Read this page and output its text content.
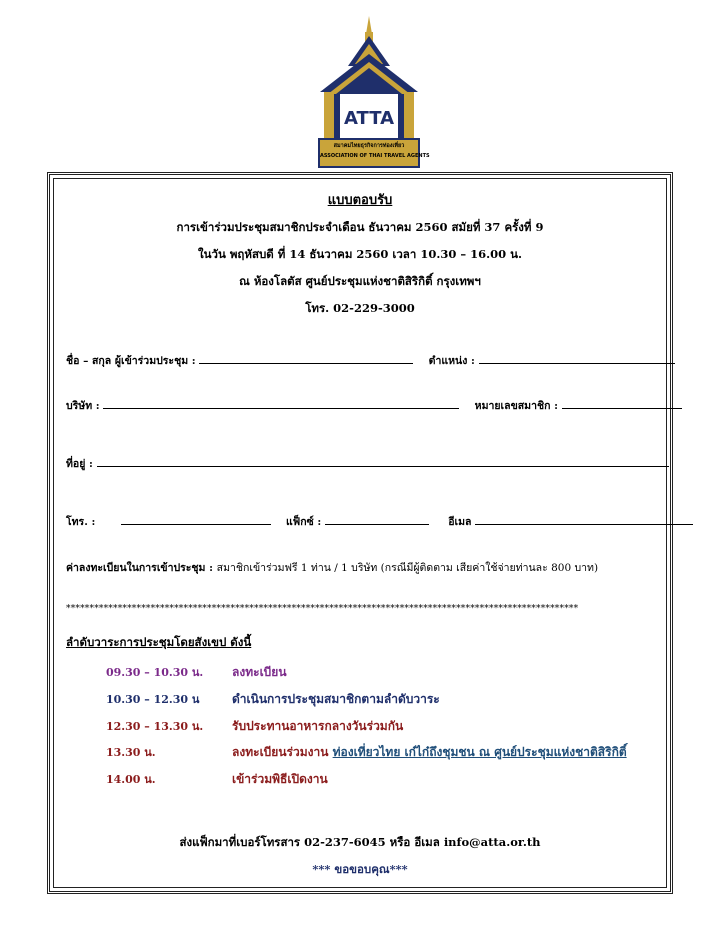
ATTA
สมาคมไทยธุรกิจการท่องเที่ยว
ASSOCIATION OF THAI TRAVEL AGENTS
แบบตอบรับ
การเข้าร่วมประชุมสมาชิกประจำเดือน ธันวาคม 2560 สมัยที่ 37 ครั้งที่ 9
ในวัน พฤหัสบดี ที่ 14 ธันวาคม 2560 เวลา 10.30 – 16.00 น.
ณ ห้องโลตัส ศูนย์ประชุมแห่งชาติสิริกิติ์ กรุงเทพฯ
โทร. 02-229-3000
ชื่อ – สกุล ผู้เข้าร่วมประชุม :	ตำแหน่ง :
บริษัท :	หมายเลขสมาชิก :
ที่อยู่ :
โทร. :	แฟ็กซ์ :	อีเมล
ค่าลงทะเบียนในการเข้าประชุม : สมาชิกเข้าร่วมฟรี 1 ท่าน / 1 บริษัท (กรณีมีผู้ติดตาม เสียค่าใช้จ่ายท่านละ 800 บาท)
*************************************************************************************************************
ลำดับวาระการประชุมโดยสังเขป ดังนี้
09.30 – 10.30 น. ลงทะเบียน
10.30 – 12.30 น	ดำเนินการประชุมสมาชิกตามลำดับวาระ
12.30 – 13.30 น. รับประทานอาหารกลางวันร่วมกัน
13.30 น.	ลงทะเบียนร่วมงาน ท่องเที่ยวไทย เก๋ไก๋ถึงชุมชน ณ ศูนย์ประชุมแห่งชาติสิริกิติ์
14.00 น.	เข้าร่วมพิธีเปิดงาน
ส่งแฟ็กมาที่เบอร์โทรสาร 02-237-6045 หรือ อีเมล info@atta.or.th
*** ขอขอบคุณ***
